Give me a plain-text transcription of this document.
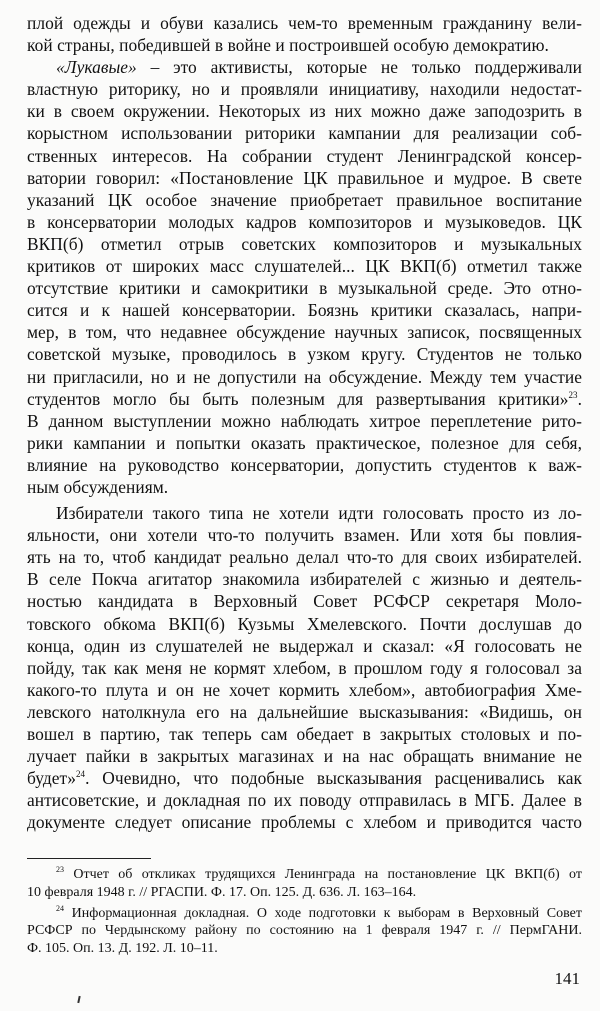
плой одежды и обуви казались чем-то временным гражданину вели-
кой страны, победившей в войне и построившей особую демократию.
«Лукавые» – это активисты, которые не только поддерживали
властную риторику, но и проявляли инициативу, находили недостат-
ки в своем окружении. Некоторых из них можно даже заподозрить в
корыстном использовании риторики кампании для реализации соб-
ственных интересов. На собрании студент Ленинградской консер-
ватории говорил: «Постановление ЦК правильное и мудрое. В свете
указаний ЦК особое значение приобретает правильное воспитание
в консерватории молодых кадров композиторов и музыковедов. ЦК
ВКП(б) отметил отрыв советских композиторов и музыкальных
критиков от широких масс слушателей... ЦК ВКП(б) отметил также
отсутствие критики и самокритики в музыкальной среде. Это отно-
сится и к нашей консерватории. Боязнь критики сказалась, напри-
мер, в том, что недавнее обсуждение научных записок, посвященных
советской музыке, проводилось в узком кругу. Студентов не только
ни пригласили, но и не допустили на обсуждение. Между тем участие
студентов могло бы быть полезным для развертывания критики»$^{23}$.
В данном выступлении можно наблюдать хитрое переплетение рито-
рики кампании и попытки оказать практическое, полезное для себя,
влияние на руководство консерватории, допустить студентов к важ-
ным обсуждениям.
Избиратели такого типа не хотели идти голосовать просто из ло-
яльности, они хотели что-то получить взамен. Или хотя бы повлия-
ять на то, чтоб кандидат реально делал что-то для своих избирателей.
В селе Покча агитатор знакомила избирателей с жизнью и деятель-
ностью кандидата в Верховный Совет РСФСР секретаря Моло-
товского обкома ВКП(б) Кузьмы Хмелевского. Почти дослушав до
конца, один из слушателей не выдержал и сказал: «Я голосовать не
пойду, так как меня не кормят хлебом, в прошлом году я голосовал за
какого-то плута и он не хочет кормить хлебом», автобиография Хме-
левского натолкнула его на дальнейшие высказывания: «Видишь, он
вошел в партию, так теперь сам обедает в закрытых столовых и по-
лучает пайки в закрытых магазинах и на нас обращать внимание не
будет»$^{24}$. Очевидно, что подобные высказывания расценивались как
антисоветские, и докладная по их поводу отправилась в МГБ. Далее в
документе следует описание проблемы с хлебом и приводится часто
$^{23}$ Отчет об откликах трудящихся Ленинграда на постановление ЦК ВКП(б) от
10 февраля 1948 г. // РГАСПИ. Ф. 17. Оп. 125. Д. 636. Л. 163–164.
$^{24}$ Информационная докладная. О ходе подготовки к выборам в Верховный Совет
РСФСР по Чердынскому району по состоянию на 1 февраля 1947 г. // ПермГАНИ.
Ф. 105. Оп. 13. Д. 192. Л. 10–11.
141
